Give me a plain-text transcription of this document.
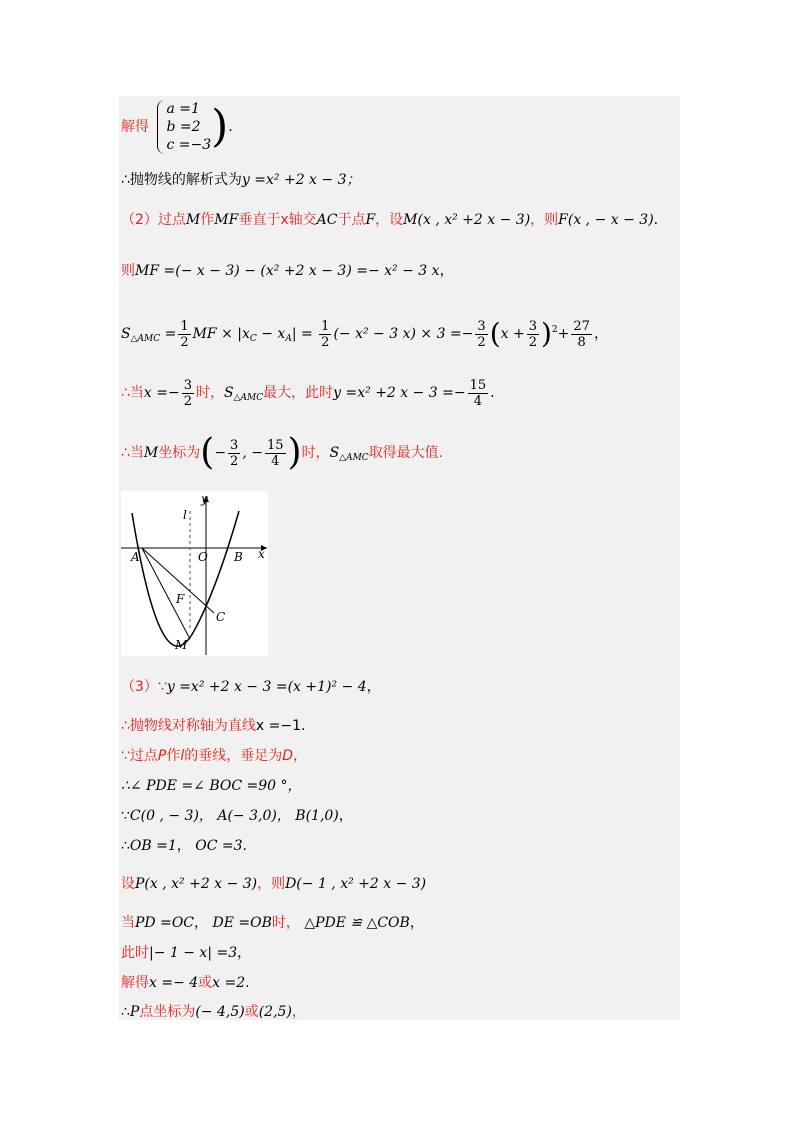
解得
a =1
b =2
c =−3 ).
∴抛物线的解析式为y =x² +2 x − 3；
（2）过点M作MF垂直于x轴交AC于点F，设M(x , x² +2 x − 3)，则F(x , − x − 3).
则MF =(− x − 3) − (x² +2 x − 3) =− x² − 3 x，
$S_{\triangle AMC} = \frac{1}{2}$ MF × $|x_C - x_A| = \frac{1}{2}$ (− x² − 3 $x) \times 3 =- \frac{3}{2} (x + \frac{3}{2} )^2+ \frac{27}{8}$ ，
∴当$x =- \frac{3}{2}$ 时，$S_{\triangle AMC}$最大，此时y =x² +2 $x - 3 =- \frac{15}{4}$ .
∴当M坐标为(− $\frac{3}{2}$ , − $\frac{15}{4}$ )时，$S_{\triangle AMC}$取得最大值.
l
y
A	O B x
F
C
M
（3）∵y =x² +2 x − 3 =(x +1)² − 4，
∴抛物线对称轴为直线x =−1.
∵过点P作l的垂线，垂足为D，
∴∠ PDE =∠ BOC =90 °，
∵C(0 , − 3)， A(− 3,0)， B(1,0)，
∴OB =1， OC =3.
设P(x , x² +2 x − 3)，则D(− 1 , x² +2 x − 3)
当PD =OC， DE =OB时， △PDE ≌ △COB，
此时|− 1 − x| =3，
解得x =− 4或x =2.
∴P点坐标为(− 4,5)或(2,5)，
